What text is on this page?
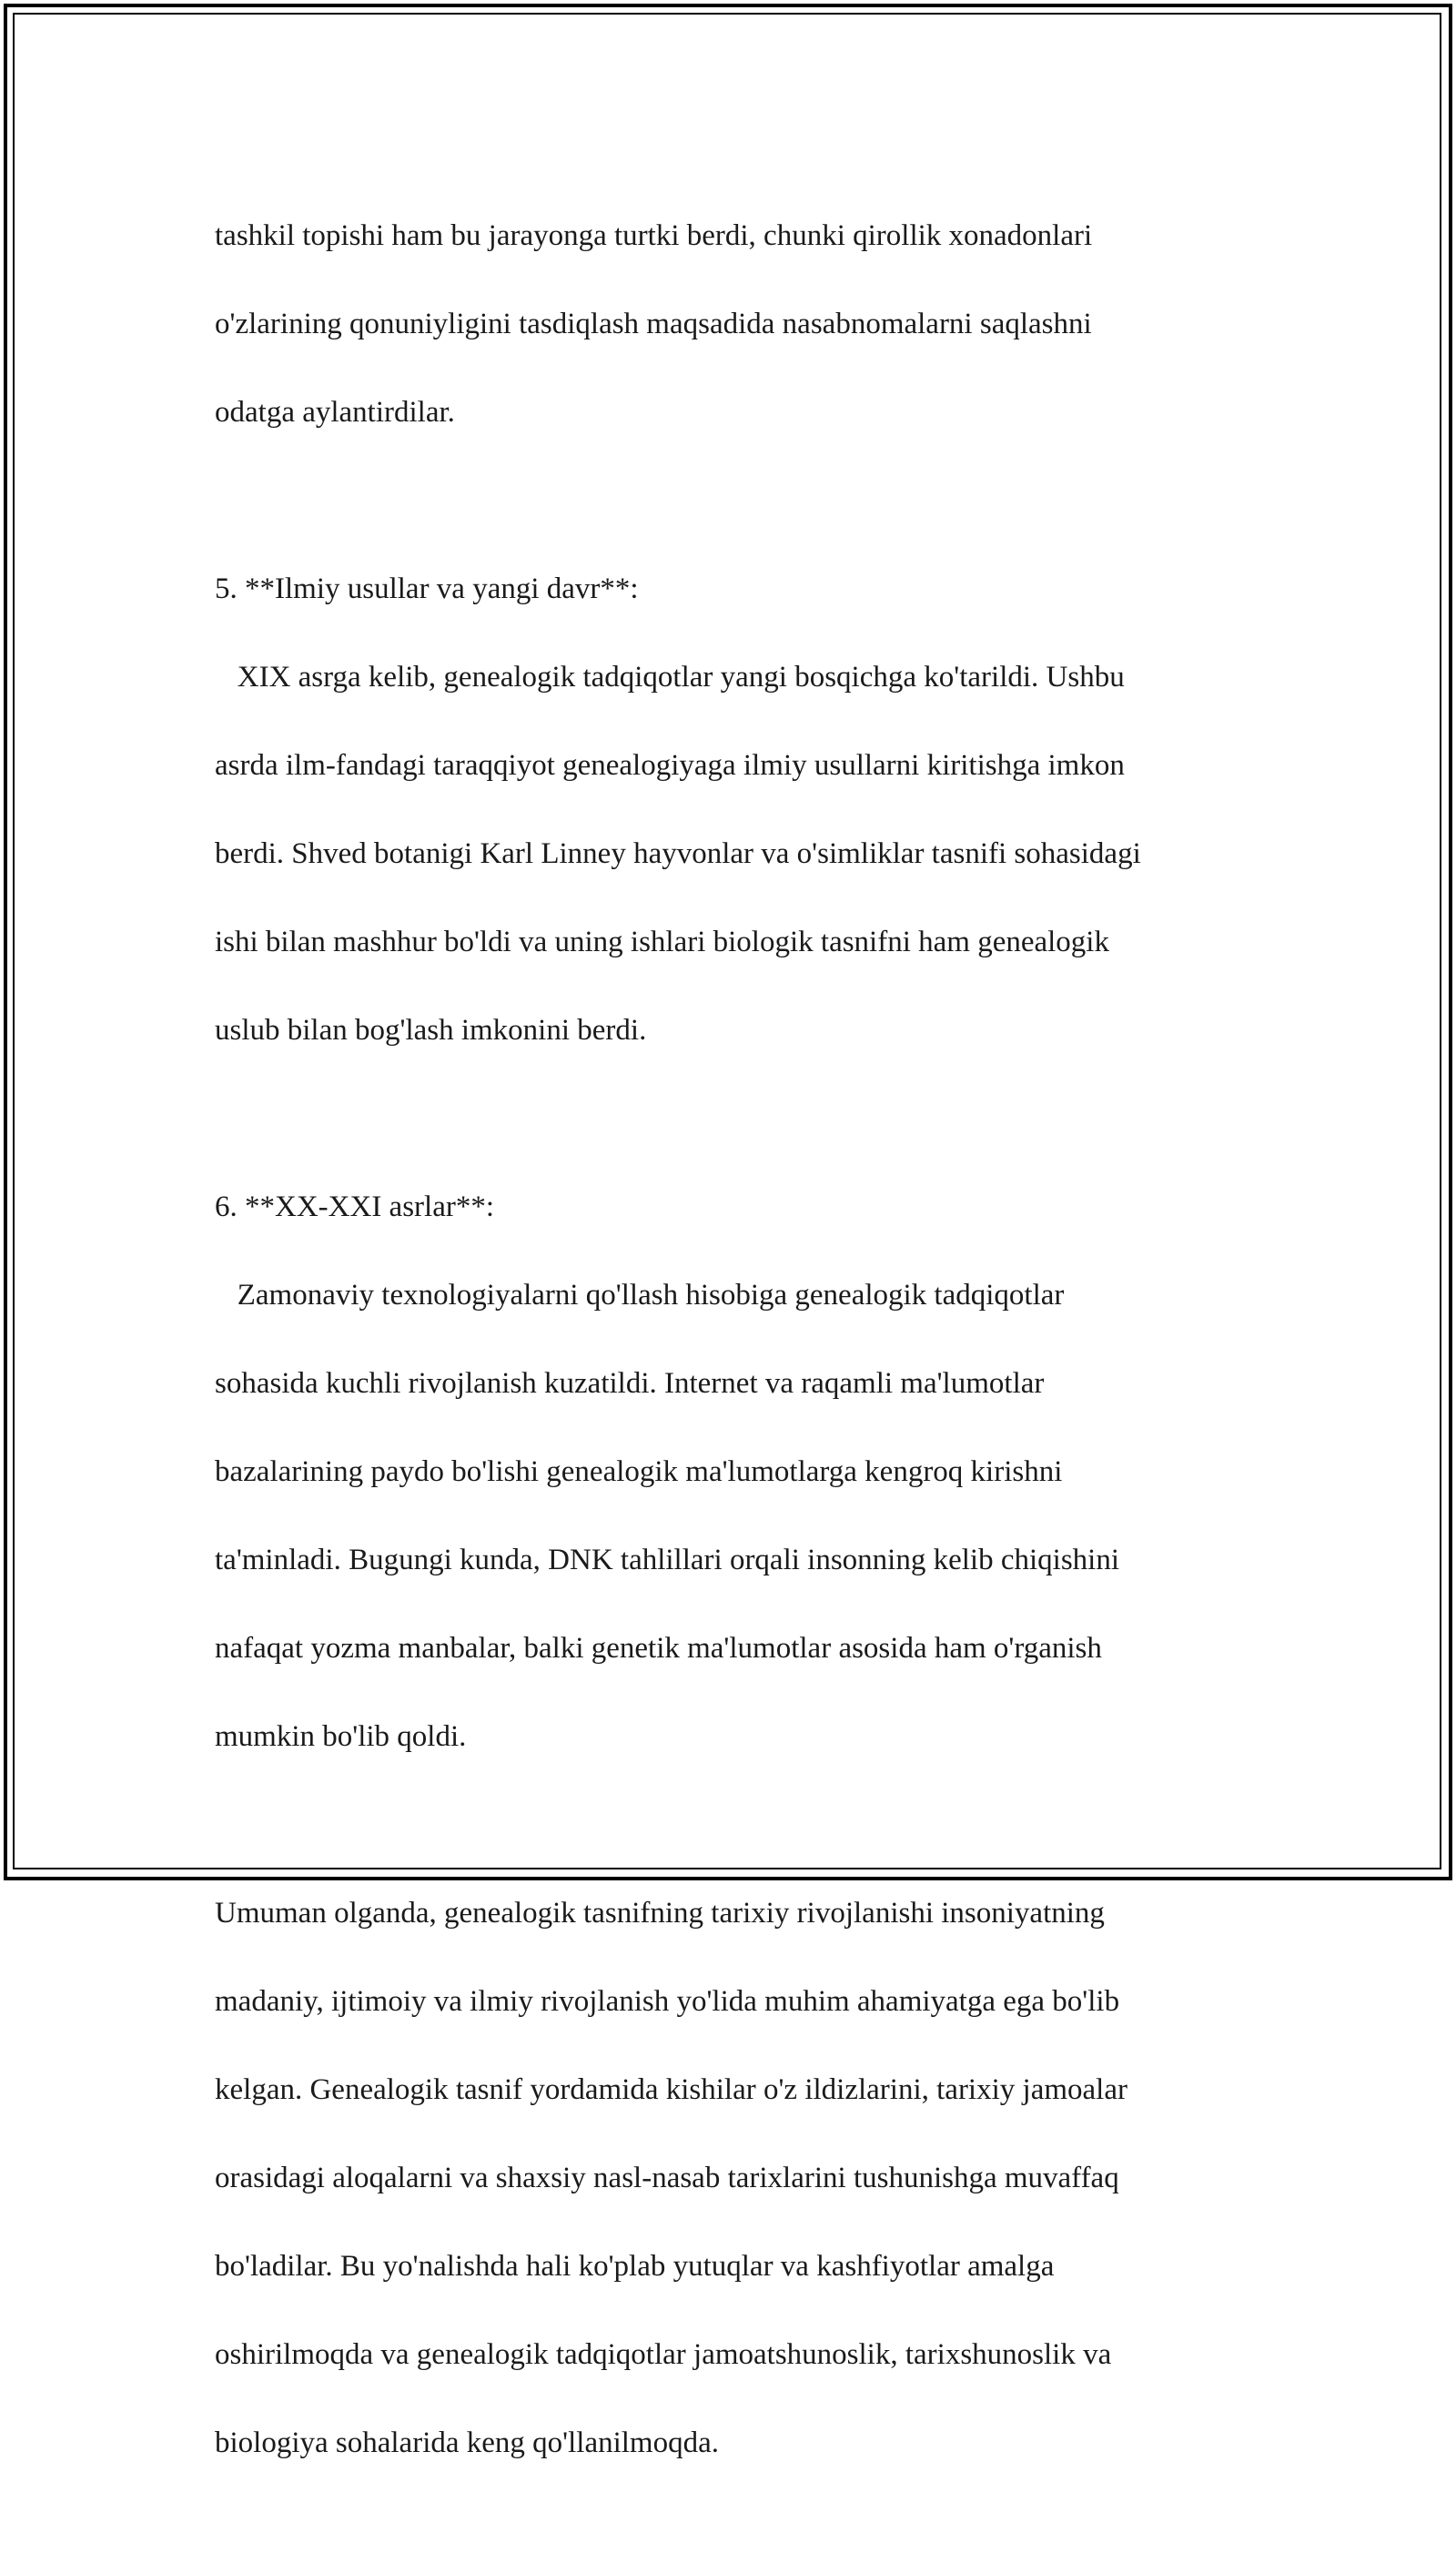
tashkil topishi ham bu jarayonga turtki berdi, chunki qirollik xonadonlari

o'zlarining qonuniyligini tasdiqlash maqsadida nasabnomalarni saqlashni

odatga aylantirdilar.

5. **Ilmiy usullar va yangi davr**:

XIX asrga kelib, genealogik tadqiqotlar yangi bosqichga ko'tarildi. Ushbu

asrda ilm-fandagi taraqqiyot genealogiyaga ilmiy usullarni kiritishga imkon

berdi. Shved botanigi Karl Linney hayvonlar va o'simliklar tasnifi sohasidagi

ishi bilan mashhur bo'ldi va uning ishlari biologik tasnifni ham genealogik

uslub bilan bog'lash imkonini berdi.

6. **XX-XXI asrlar**:

Zamonaviy texnologiyalarni qo'llash hisobiga genealogik tadqiqotlar

sohasida kuchli rivojlanish kuzatildi. Internet va raqamli ma'lumotlar

bazalarining paydo bo'lishi genealogik ma'lumotlarga kengroq kirishni

ta'minladi. Bugungi kunda, DNK tahlillari orqali insonning kelib chiqishini

nafaqat yozma manbalar, balki genetik ma'lumotlar asosida ham o'rganish

mumkin bo'lib qoldi.

Umuman olganda, genealogik tasnifning tarixiy rivojlanishi insoniyatning

madaniy, ijtimoiy va ilmiy rivojlanish yo'lida muhim ahamiyatga ega bo'lib

kelgan. Genealogik tasnif yordamida kishilar o'z ildizlarini, tarixiy jamoalar

orasidagi aloqalarni va shaxsiy nasl-nasab tarixlarini tushunishga muvaffaq

bo'ladilar. Bu yo'nalishda hali ko'plab yutuqlar va kashfiyotlar amalga

oshirilmoqda va genealogik tadqiqotlar jamoatshunoslik, tarixshunoslik va

biologiya sohalarida keng qo'llanilmoqda.
